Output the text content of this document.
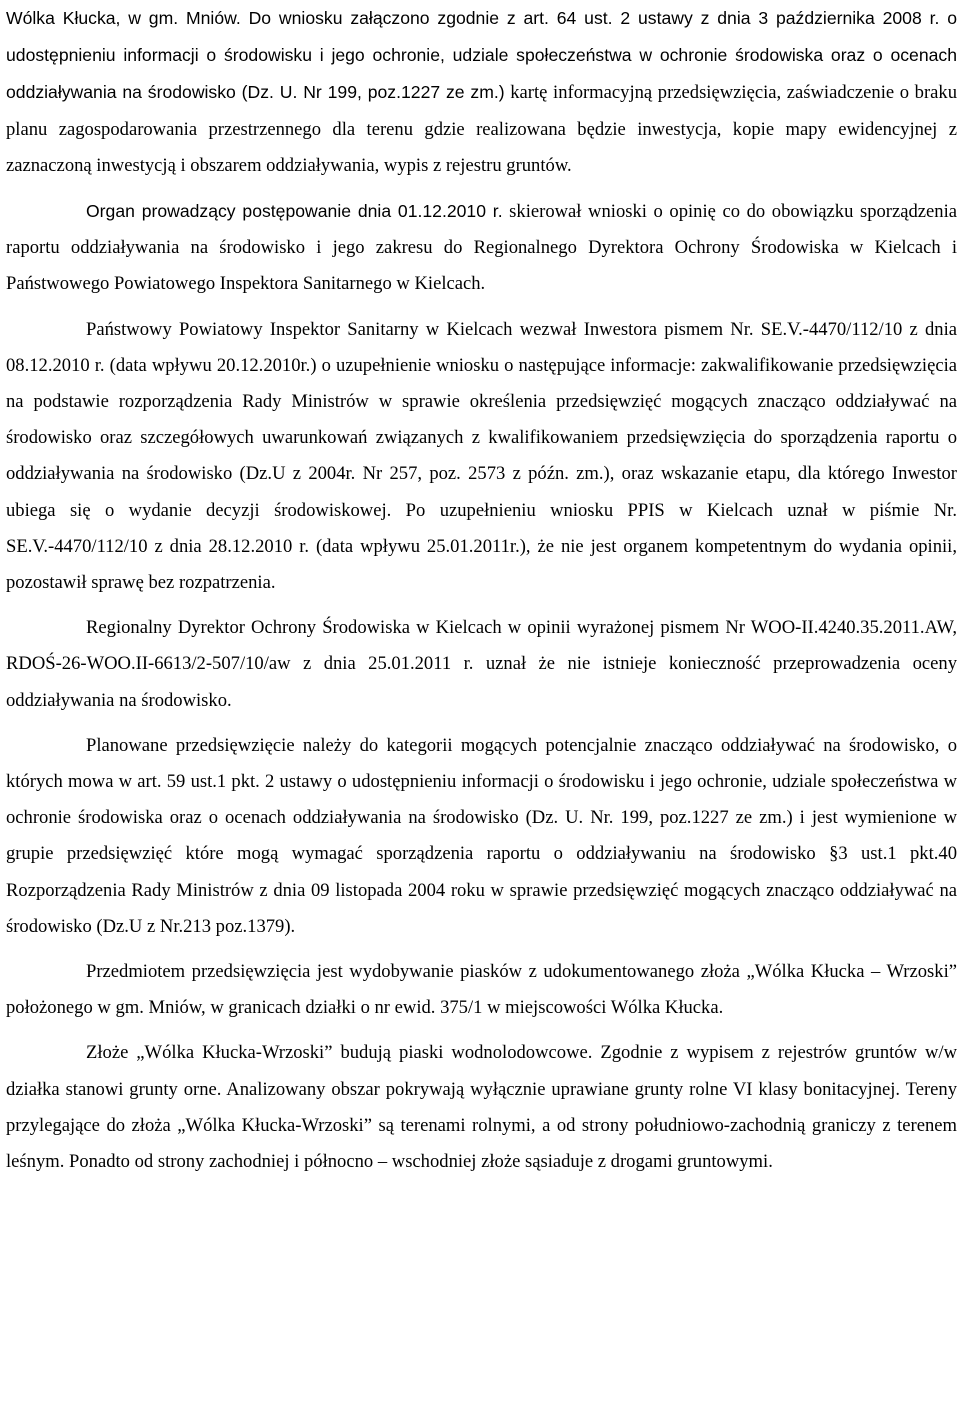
Wólka Kłucka, w gm. Mniów. Do wniosku załączono zgodnie z art. 64 ust. 2 ustawy z dnia 3 października 2008 r. o udostępnieniu informacji o środowisku i jego ochronie, udziale społeczeństwa w ochronie środowiska oraz o ocenach oddziaływania na środowisko (Dz. U. Nr 199, poz.1227 ze zm.) kartę informacyjną przedsięwzięcia, zaświadczenie o braku planu zagospodarowania przestrzennego dla terenu gdzie realizowana będzie inwestycja, kopie mapy ewidencyjnej z zaznaczoną inwestycją i obszarem oddziaływania, wypis z rejestru gruntów.

Organ prowadzący postępowanie dnia 01.12.2010 r. skierował wnioski o opinię co do obowiązku sporządzenia raportu oddziaływania na środowisko i jego zakresu do Regionalnego Dyrektora Ochrony Środowiska w Kielcach i Państwowego Powiatowego Inspektora Sanitarnego w Kielcach.

Państwowy Powiatowy Inspektor Sanitarny w Kielcach wezwał Inwestora pismem Nr. SE.V.-4470/112/10 z dnia 08.12.2010 r. (data wpływu 20.12.2010r.) o uzupełnienie wniosku o następujące informacje: zakwalifikowanie przedsięwzięcia na podstawie rozporządzenia Rady Ministrów w sprawie określenia przedsięwzięć mogących znacząco oddziaływać na środowisko oraz szczegółowych uwarunkowań związanych z kwalifikowaniem przedsięwzięcia do sporządzenia raportu o oddziaływania na środowisko (Dz.U z 2004r. Nr 257, poz. 2573 z późn. zm.), oraz wskazanie etapu, dla którego Inwestor ubiega się o wydanie decyzji środowiskowej. Po uzupełnieniu wniosku PPIS w Kielcach uznał w piśmie Nr. SE.V.-4470/112/10 z dnia 28.12.2010 r. (data wpływu 25.01.2011r.), że nie jest organem kompetentnym do wydania opinii, pozostawił sprawę bez rozpatrzenia.

Regionalny Dyrektor Ochrony Środowiska w Kielcach w opinii wyrażonej pismem Nr WOO-II.4240.35.2011.AW, RDOŚ-26-WOO.II-6613/2-507/10/aw z dnia 25.01.2011 r. uznał że nie istnieje konieczność przeprowadzenia oceny oddziaływania na środowisko.

Planowane przedsięwzięcie należy do kategorii mogących potencjalnie znacząco oddziaływać na środowisko, o których mowa w art. 59 ust.1 pkt. 2 ustawy o udostępnieniu informacji o środowisku i jego ochronie, udziale społeczeństwa w ochronie środowiska oraz o ocenach oddziaływania na środowisko (Dz. U. Nr. 199, poz.1227 ze zm.) i jest wymienione w grupie przedsięwzięć które mogą wymagać sporządzenia raportu o oddziaływaniu na środowisko §3 ust.1 pkt.40 Rozporządzenia Rady Ministrów z dnia 09 listopada 2004 roku w sprawie przedsięwzięć mogących znacząco oddziaływać na środowisko (Dz.U z Nr.213 poz.1379).

Przedmiotem przedsięwzięcia jest wydobywanie piasków z udokumentowanego złoża „Wólka Kłucka – Wrzoski” położonego w gm. Mniów, w granicach działki o nr ewid. 375/1 w miejscowości Wólka Kłucka.

Złoże „Wólka Kłucka-Wrzoski” budują piaski wodnolodowcowe. Zgodnie z wypisem z rejestrów gruntów w/w działka stanowi grunty orne. Analizowany obszar pokrywają wyłącznie uprawiane grunty rolne VI klasy bonitacyjnej. Tereny przylegające do złoża „Wólka Kłucka-Wrzoski” są terenami rolnymi, a od strony południowo-zachodnią graniczy z terenem leśnym. Ponadto od strony zachodniej i północno – wschodniej złoże sąsiaduje z drogami gruntowymi.
